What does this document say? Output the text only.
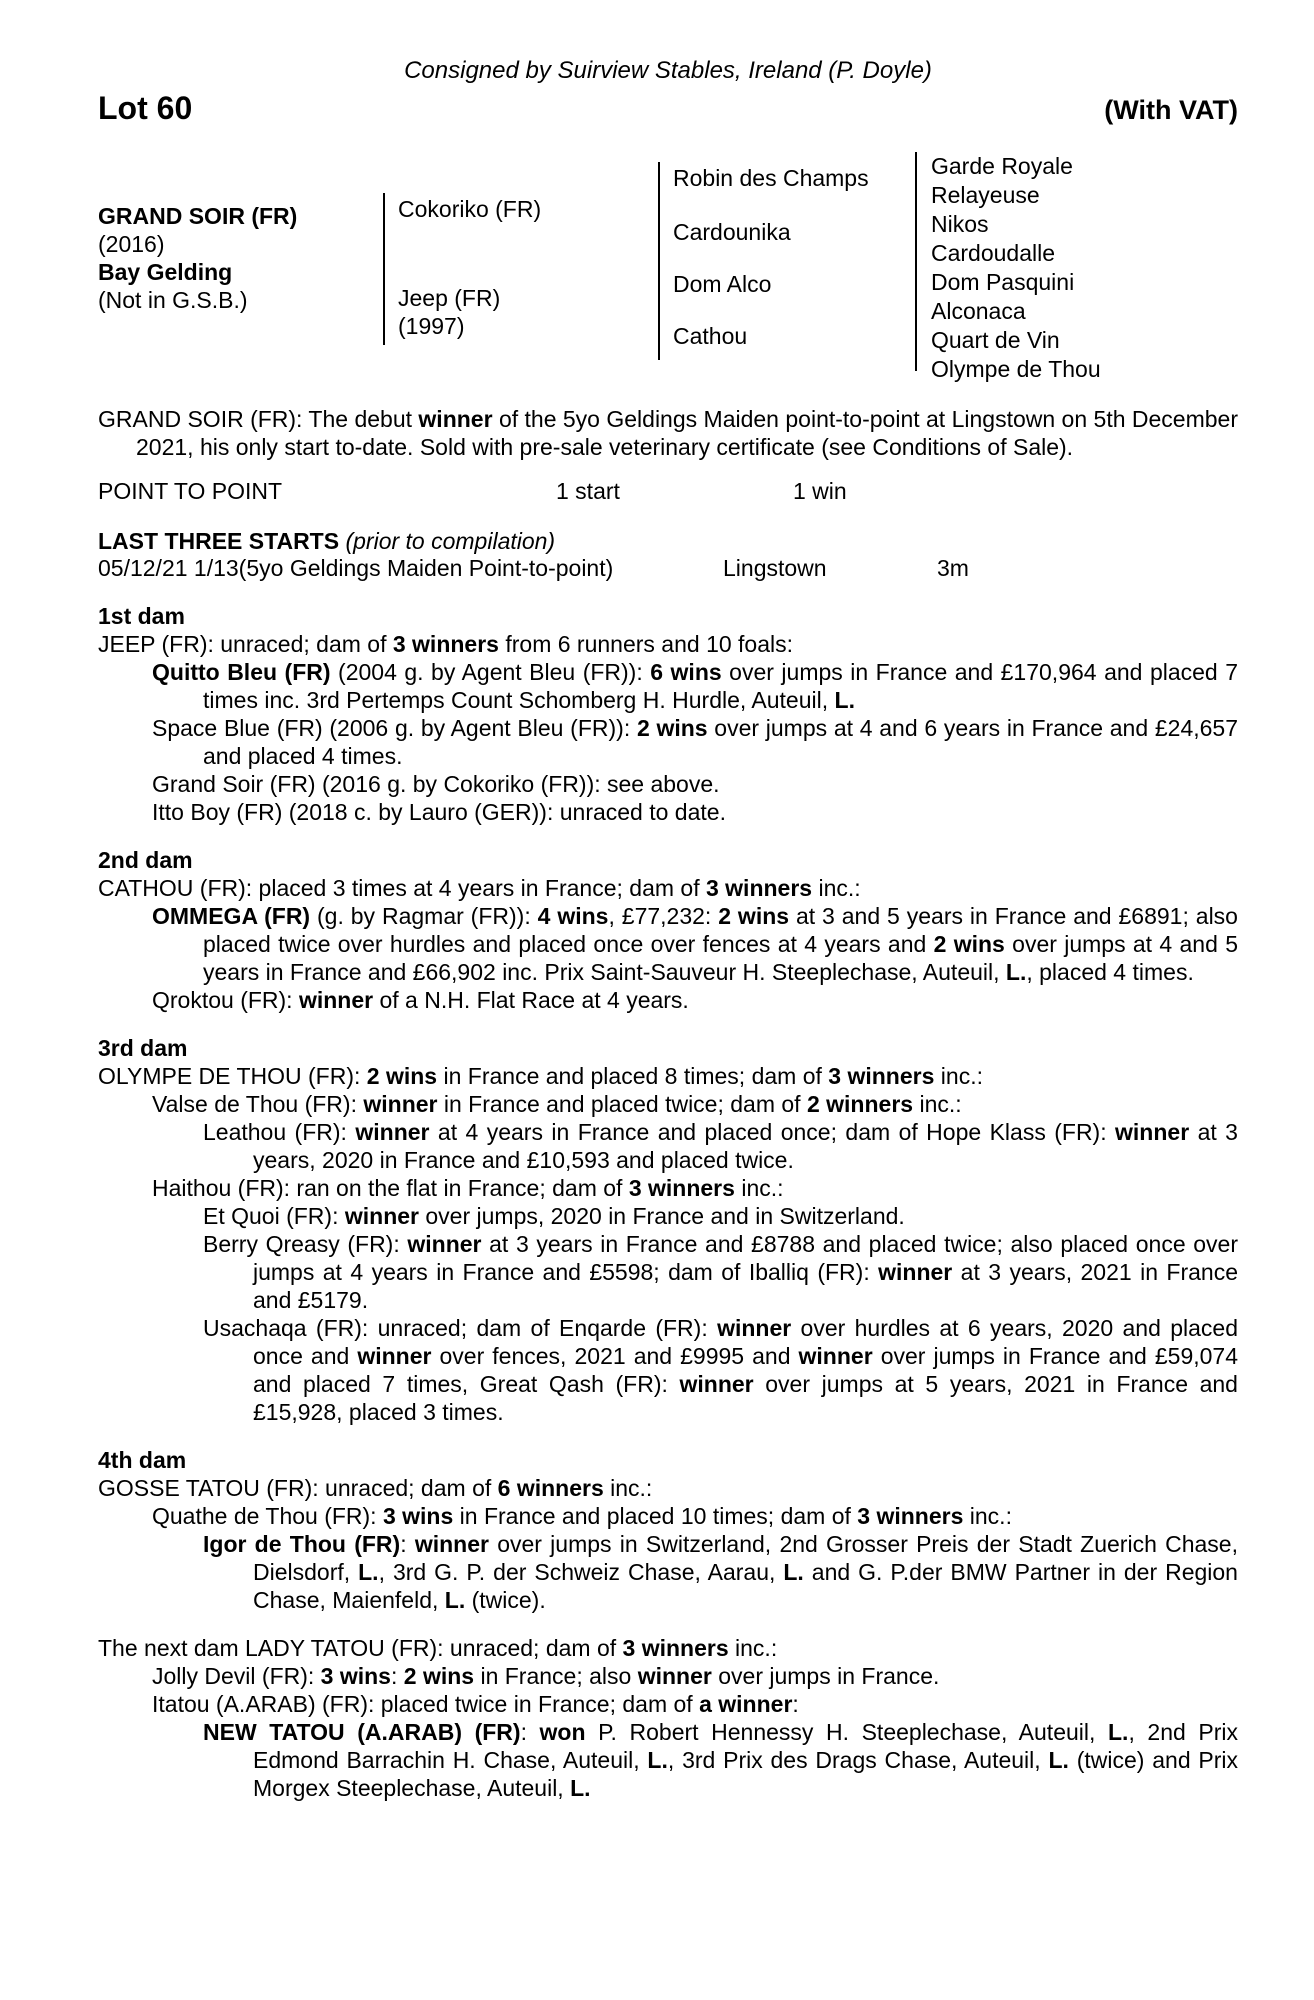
Consigned by Suirview Stables, Ireland (P. Doyle)
Lot 60	(With VAT)
GRAND SOIR (FR)
(2016)
Bay Gelding
(Not in G.S.B.)
Cokoriko (FR)
Jeep (FR)
(1997)
Robin des Champs
Cardounika
Dom Alco
Cathou
Garde Royale
Relayeuse
Nikos
Cardoudalle
Dom Pasquini
Alconaca
Quart de Vin
Olympe de Thou

GRAND SOIR (FR): The debut winner of the 5yo Geldings Maiden point-to-point at Lingstown on 5th December 2021, his only start to-date. Sold with pre-sale veterinary certificate (see Conditions of Sale).

POINT TO POINT	1 start	1 win
LAST THREE STARTS (prior to compilation)
05/12/21 1/13(5yo Geldings Maiden Point-to-point)	Lingstown	3m
1st dam

JEEP (FR): unraced; dam of 3 winners from 6 runners and 10 foals:

Quitto Bleu (FR) (2004 g. by Agent Bleu (FR)): 6 wins over jumps in France and £170,964 and placed 7 times inc. 3rd Pertemps Count Schomberg H. Hurdle, Auteuil, L.

Space Blue (FR) (2006 g. by Agent Bleu (FR)): 2 wins over jumps at 4 and 6 years in France and £24,657 and placed 4 times.

Grand Soir (FR) (2016 g. by Cokoriko (FR)): see above.

Itto Boy (FR) (2018 c. by Lauro (GER)): unraced to date.

2nd dam

CATHOU (FR): placed 3 times at 4 years in France; dam of 3 winners inc.:

OMMEGA (FR) (g. by Ragmar (FR)): 4 wins, £77,232: 2 wins at 3 and 5 years in France and £6891; also placed twice over hurdles and placed once over fences at 4 years and 2 wins over jumps at 4 and 5 years in France and £66,902 inc. Prix Saint-Sauveur H. Steeplechase, Auteuil, L., placed 4 times.

Qroktou (FR): winner of a N.H. Flat Race at 4 years.

3rd dam

OLYMPE DE THOU (FR): 2 wins in France and placed 8 times; dam of 3 winners inc.:

Valse de Thou (FR): winner in France and placed twice; dam of 2 winners inc.:

Leathou (FR): winner at 4 years in France and placed once; dam of Hope Klass (FR): winner at 3 years, 2020 in France and £10,593 and placed twice.

Haithou (FR): ran on the flat in France; dam of 3 winners inc.:

Et Quoi (FR): winner over jumps, 2020 in France and in Switzerland.

Berry Qreasy (FR): winner at 3 years in France and £8788 and placed twice; also placed once over jumps at 4 years in France and £5598; dam of Iballiq (FR): winner at 3 years, 2021 in France and £5179.

Usachaqa (FR): unraced; dam of Enqarde (FR): winner over hurdles at 6 years, 2020 and placed once and winner over fences, 2021 and £9995 and winner over jumps in France and £59,074 and placed 7 times, Great Qash (FR): winner over jumps at 5 years, 2021 in France and £15,928, placed 3 times.

4th dam

GOSSE TATOU (FR): unraced; dam of 6 winners inc.:

Quathe de Thou (FR): 3 wins in France and placed 10 times; dam of 3 winners inc.:

Igor de Thou (FR): winner over jumps in Switzerland, 2nd Grosser Preis der Stadt Zuerich Chase, Dielsdorf, L., 3rd G. P. der Schweiz Chase, Aarau, L. and G. P.der BMW Partner in der Region Chase, Maienfeld, L. (twice).

The next dam LADY TATOU (FR): unraced; dam of 3 winners inc.:

Jolly Devil (FR): 3 wins: 2 wins in France; also winner over jumps in France.

Itatou (A.ARAB) (FR): placed twice in France; dam of a winner:

NEW TATOU (A.ARAB) (FR): won P. Robert Hennessy H. Steeplechase, Auteuil, L., 2nd Prix Edmond Barrachin H. Chase, Auteuil, L., 3rd Prix des Drags Chase, Auteuil, L. (twice) and Prix Morgex Steeplechase, Auteuil, L.
